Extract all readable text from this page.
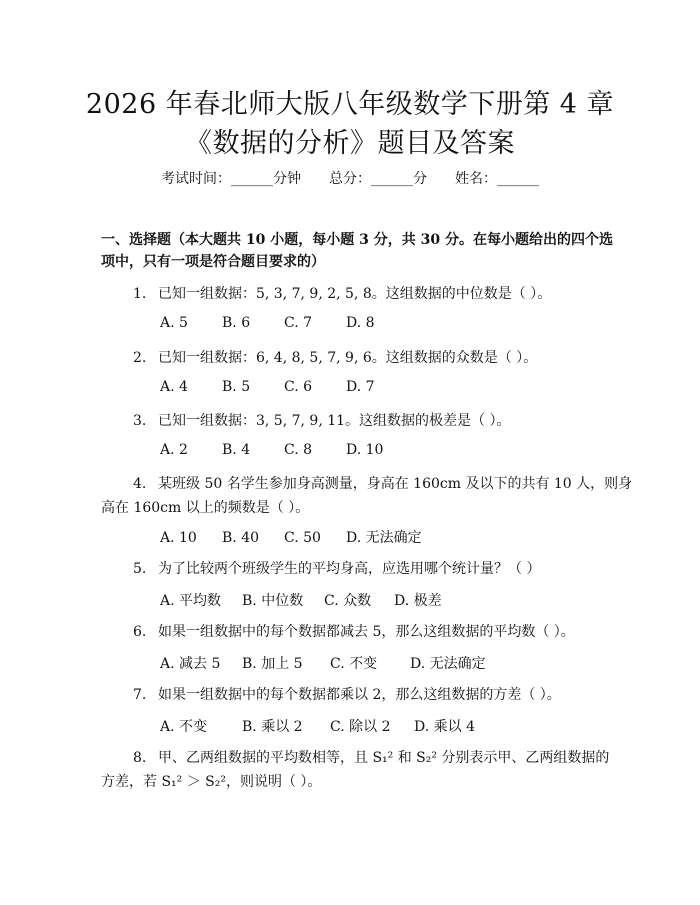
2026 年春北师大版八年级数学下册第 4 章
《数据的分析》题目及答案
考试时间：______分钟 总分：______分 姓名：______
一、选择题（本大题共 10 小题，每小题 3 分，共 30 分。在每小题给出的四个选
项中，只有一项是符合题目要求的）
1. 已知一组数据：5, 3, 7, 9, 2, 5, 8。这组数据的中位数是（ ）。
A. 5 B. 6 C. 7 D. 8
2. 已知一组数据：6, 4, 8, 5, 7, 9, 6。这组数据的众数是（ ）。
A. 4 B. 5 C. 6 D. 7
3. 已知一组数据：3, 5, 7, 9, 11。这组数据的极差是（ ）。
A. 2 B. 4 C. 8 D. 10
4. 某班级 50 名学生参加身高测量，身高在 160cm 及以下的共有 10 人，则身
高在 160cm 以上的频数是（ ）。
A. 10 B. 40 C. 50 D. 无法确定
5. 为了比较两个班级学生的平均身高，应选用哪个统计量？（ ）
A. 平均数 B. 中位数 C. 众数 D. 极差
6. 如果一组数据中的每个数据都减去 5，那么这组数据的平均数（ ）。
A. 减去 5 B. 加上 5 C. 不变 D. 无法确定
7. 如果一组数据中的每个数据都乘以 2，那么这组数据的方差（ ）。
A. 不变 B. 乘以 2 C. 除以 2 D. 乘以 4
8. 甲、乙两组数据的平均数相等，且 S₁² 和 S₂² 分别表示甲、乙两组数据的
方差，若 S₁² ＞ S₂²，则说明（ ）。
